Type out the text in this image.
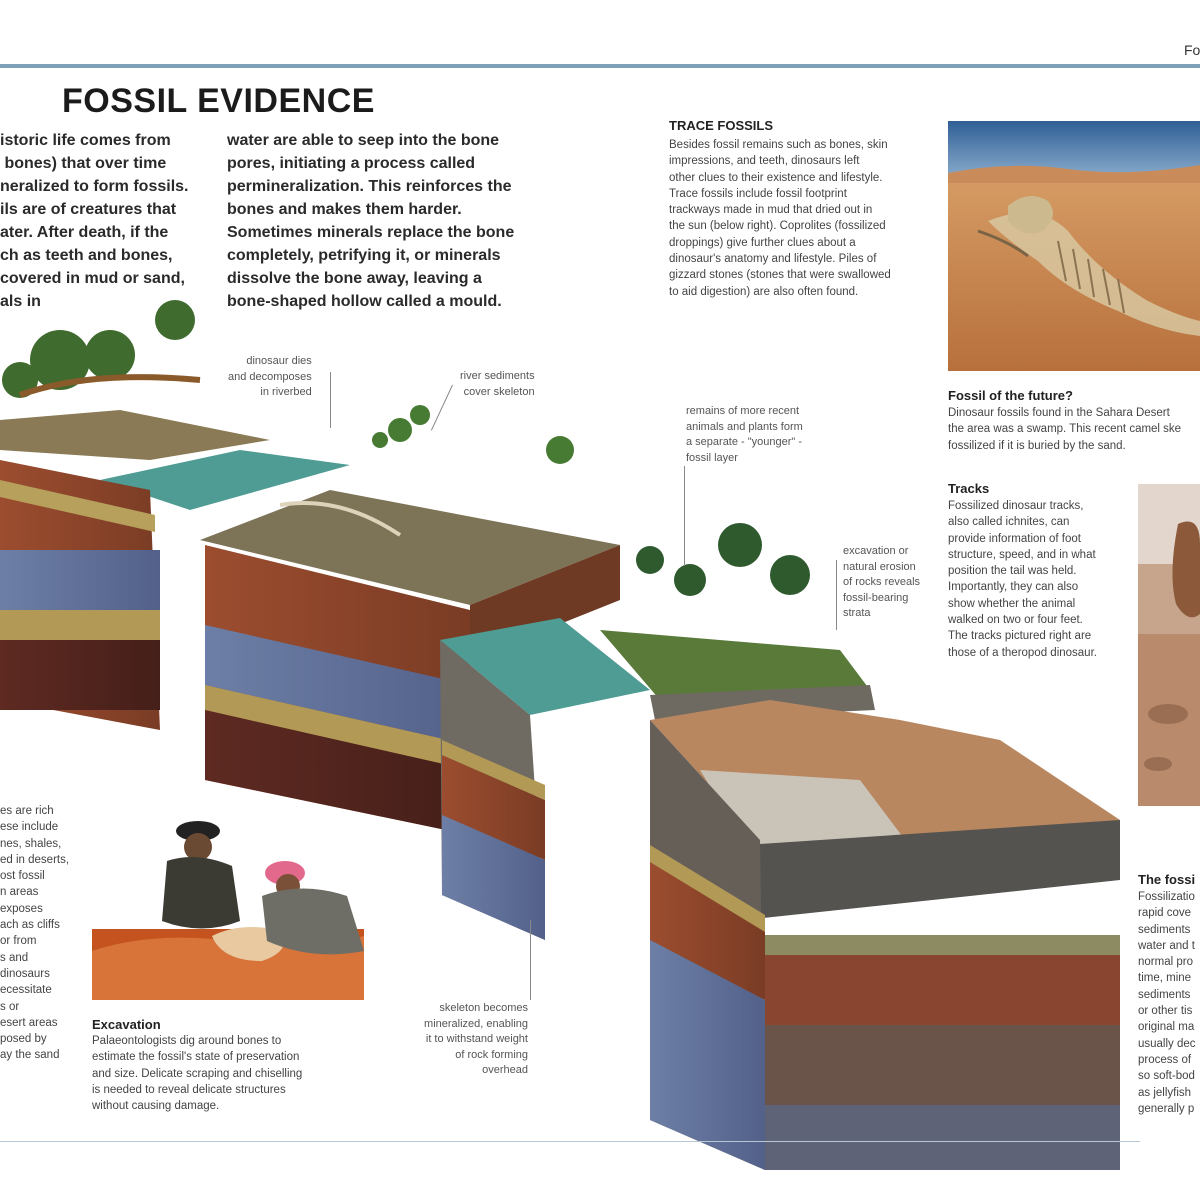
Fo
FOSSIL EVIDENCE
istoric life comes from
bones) that over time
neralized to form fossils.
ils are of creatures that
ater. After death, if the
ch as teeth and bones,
covered in mud or sand,
als in
water are able to seep into the bone
pores, initiating a process called
permineralization. This reinforces the
bones and makes them harder.
Sometimes minerals replace the bone
completely, petrifying it, or minerals
dissolve the bone away, leaving a
bone-shaped hollow called a mould.
TRACE FOSSILS
Besides fossil remains such as bones, skin
impressions, and teeth, dinosaurs left
other clues to their existence and lifestyle.
Trace fossils include fossil footprint
trackways made in mud that dried out in
the sun (below right). Coprolites (fossilized
droppings) give further clues about a
dinosaur's anatomy and lifestyle. Piles of
gizzard stones (stones that were swallowed
to aid digestion) are also often found.
Fossil of the future?
Dinosaur fossils found in the Sahara Desert
the area was a swamp. This recent camel ske
fossilized if it is buried by the sand.
Tracks
Fossilized dinosaur tracks,
also called ichnites, can
provide information of foot
structure, speed, and in what
position the tail was held.
Importantly, they can also
show whether the animal
walked on two or four feet.
The tracks pictured right are
those of a theropod dinosaur.
The fossi
Fossilizatio
rapid cove
sediments
water and t
normal pro
time, mine
sediments
or other tis
original ma
usually dec
process of
so soft-bod
as jellyfish
generally p
es are rich
ese include
nes, shales,
ed in deserts,
ost fossil
n areas
exposes
ach as cliffs
or from
s and
dinosaurs
ecessitate
s or
esert areas
posed by
ay the sand
Excavation
Palaeontologists dig around bones to
estimate the fossil's state of preservation
and size. Delicate scraping and chiselling
is needed to reveal delicate structures
without causing damage.
dinosaur dies
and decomposes
in riverbed
river sediments
cover skeleton
remains of more recent
animals and plants form
a separate - "younger" -
fossil layer
excavation or
natural erosion
of rocks reveals
fossil-bearing
strata
skeleton becomes
mineralized, enabling
it to withstand weight
of rock forming
overhead
